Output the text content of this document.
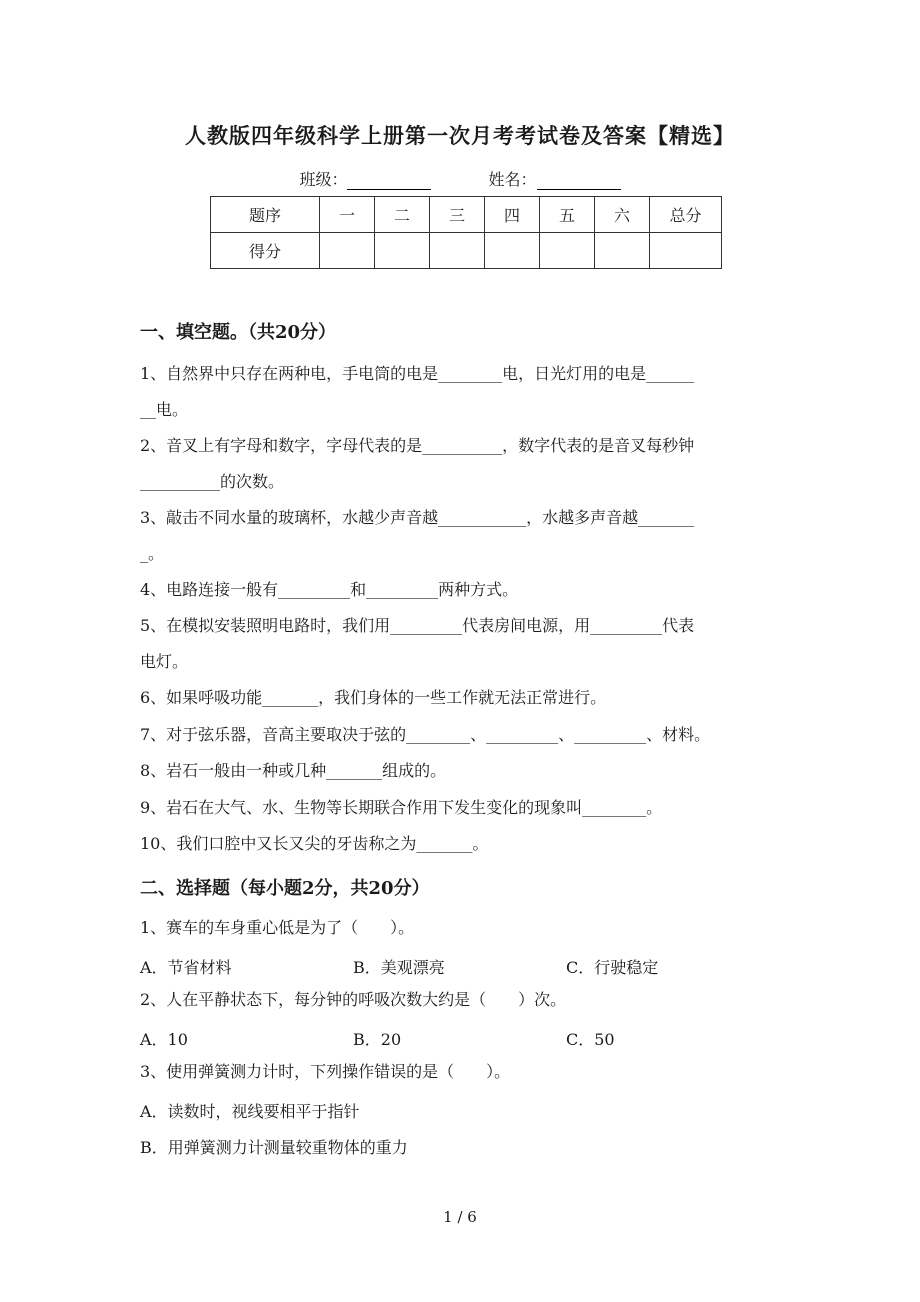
人教版四年级科学上册第一次月考考试卷及答案【精选】
班级：	姓名：
题序	一	二	三	四	五	六	总分
得分							
一、填空题。（共20分）
1、自然界中只存在两种电，手电筒的电是________电，日光灯用的电是______
__电。
2、音叉上有字母和数字，字母代表的是__________，数字代表的是音叉每秒钟
__________的次数。
3、敲击不同水量的玻璃杯，水越少声音越___________，水越多声音越_______
_。
4、电路连接一般有_________和_________两种方式。
5、在模拟安装照明电路时，我们用_________代表房间电源，用_________代表
电灯。
6、如果呼吸功能_______，我们身体的一些工作就无法正常进行。
7、对于弦乐器，音高主要取决于弦的________、_________、_________、材料。
8、岩石一般由一种或几种_______组成的。
9、岩石在大气、水、生物等长期联合作用下发生变化的现象叫________。
10、我们口腔中又长又尖的牙齿称之为_______。
二、选择题（每小题2分，共20分）
1、赛车的车身重心低是为了（　　）。
A．节省材料	B．美观漂亮	C．行驶稳定
2、人在平静状态下，每分钟的呼吸次数大约是（　　）次。
A．10	B．20	C．50
3、使用弹簧测力计时，下列操作错误的是（　　）。
A．读数时，视线要相平于指针
B．用弹簧测力计测量较重物体的重力
1 / 6
